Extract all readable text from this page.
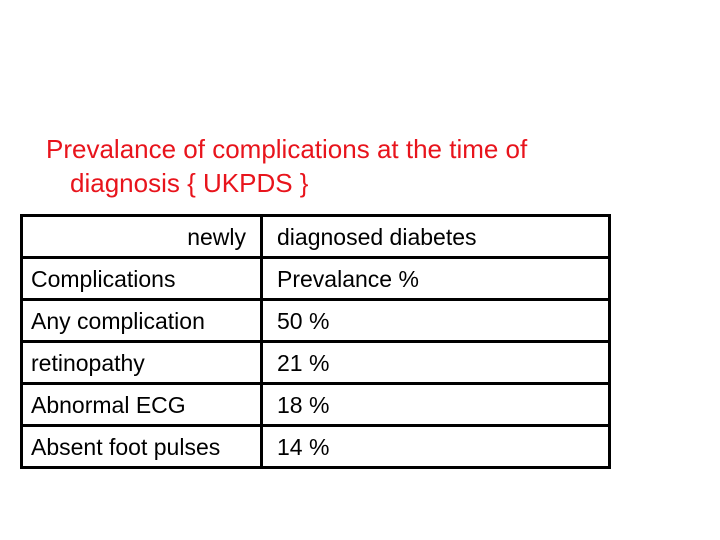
Prevalance of complications at the time of
diagnosis { UKPDS }
newly	diagnosed diabetes
Complications	Prevalance %
Any complication	50 %
retinopathy	21 %
Abnormal ECG	18 %
Absent foot pulses	14 %
